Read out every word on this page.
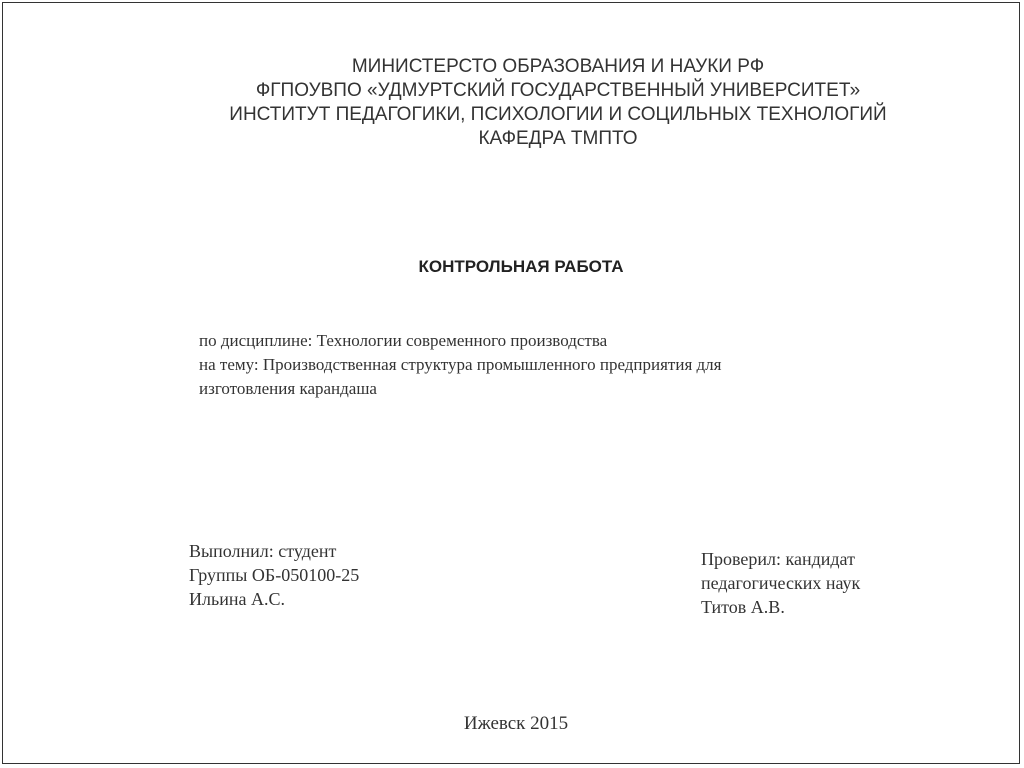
МИНИСТЕРСТО ОБРАЗОВАНИЯ И НАУКИ РФ
ФГПОУВПО «УДМУРТСКИЙ ГОСУДАРСТВЕННЫЙ УНИВЕРСИТЕТ»
ИНСТИТУТ ПЕДАГОГИКИ, ПСИХОЛОГИИ И СОЦИЛЬНЫХ ТЕХНОЛОГИЙ
КАФЕДРА ТМПТО
КОНТРОЛЬНАЯ РАБОТА
по дисциплине: Технологии современного производства
на тему: Производственная структура промышленного предприятия для
изготовления карандаша
Выполнил: студент
Группы ОБ-050100-25
Ильина А.С.
Проверил: кандидат
педагогических наук
Титов А.В.
Ижевск 2015
